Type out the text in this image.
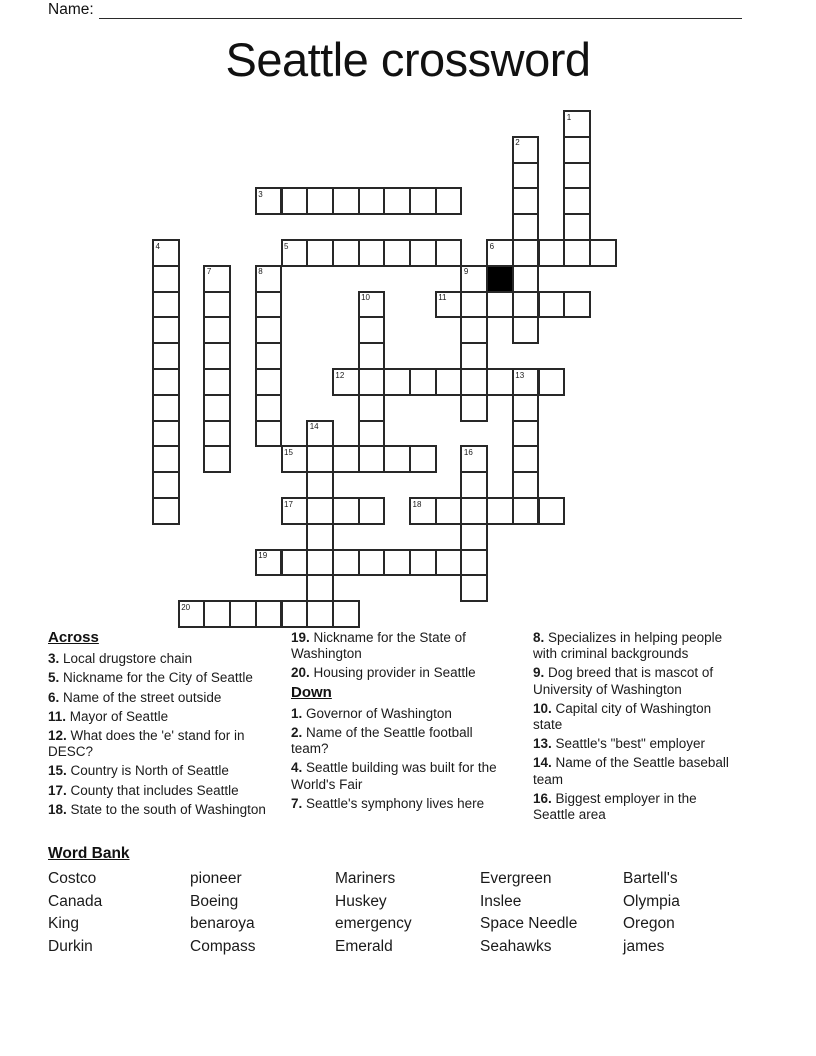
Name:
Seattle crossword
1
2
3
4	5	6
7	8	9
10	11
12	13
14
15	16
17	18
19
20
Across

3. Local drugstore chain

5. Nickname for the City of Seattle

6. Name of the street outside

11. Mayor of Seattle

12. What does the 'e' stand for in DESC?

15. Country is North of Seattle

17. County that includes Seattle

18. State to the south of Washington

19. Nickname for the State of Washington

20. Housing provider in Seattle

Down

1. Governor of Washington

2. Name of the Seattle football team?

4. Seattle building was built for the World's Fair

7. Seattle's symphony lives here

8. Specializes in helping people with criminal backgrounds

9. Dog breed that is mascot of University of Washington

10. Capital city of Washington state

13. Seattle's "best" employer

14. Name of the Seattle baseball team

16. Biggest employer in the Seattle area

Word Bank
Costco
Canada
King
Durkin
pioneer
Boeing
benaroya
Compass
Mariners
Huskey
emergency
Emerald
Evergreen
Inslee
Space Needle
Seahawks
Bartell's
Olympia
Oregon
james
